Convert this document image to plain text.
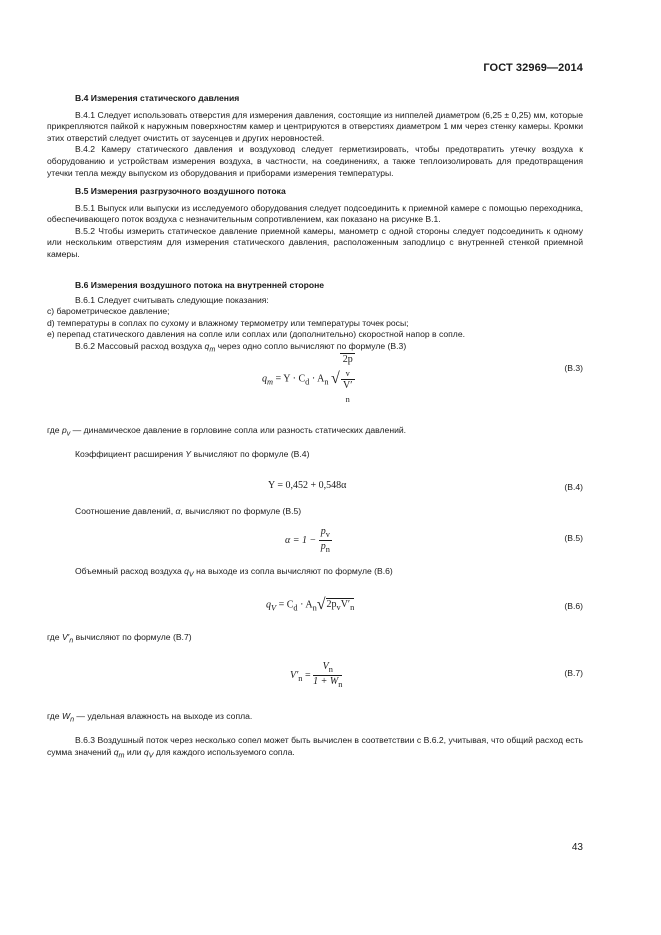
ГОСТ 32969—2014
В.4 Измерения статического давления
В.4.1 Следует использовать отверстия для измерения давления, состоящие из ниппелей диаметром (6,25 ± 0,25) мм, которые прикрепляются пайкой к наружным поверхностям камер и центрируются в отверстиях диаметром 1 мм через стенку камеры. Кромки этих отверстий следует очистить от заусенцев и других неровностей.
В.4.2 Камеру статического давления и воздуховод следует герметизировать, чтобы предотвратить утечку воздуха к оборудованию и устройствам измерения воздуха, в частности, на соединениях, а также теплоизолировать для предотвращения утечки тепла между выпуском из оборудования и приборами измерения температуры.
В.5 Измерения разгрузочного воздушного потока
В.5.1 Выпуск или выпуски из исследуемого оборудования следует подсоединить к приемной камере с помощью переходника, обеспечивающего поток воздуха с незначительным сопротивлением, как показано на рисунке В.1.
В.5.2 Чтобы измерить статическое давление приемной камеры, манометр с одной стороны следует подсоединить к одному или нескольким отверстиям для измерения статического давления, расположенным заподлицо с внутренней стенкой приемной камеры.
В.6 Измерения воздушного потока на внутренней стороне
В.6.1 Следует считывать следующие показания:
с) барометрическое давление;
d) температуры в соплах по сухому и влажному термометру или температуры точек росы;
е) перепад статического давления на сопле или соплах или (дополнительно) скоростной напор в сопле.
В.6.2 Массовый расход воздуха $q_m$ через одно сопло вычисляют по формуле (В.3)
$q_m = Y \cdot C_d \cdot A_n$ √ 2p
$_v$
V′
$_n$	(В.3)
где $p_v$ — динамическое давление в горловине сопла или разность статических давлений.
Коэффициент расширения Y вычисляют по формуле (В.4)
Y = 0,452 + 0,548α	(В.4)
Соотношение давлений, α, вычисляют по формуле (В.5)
$\alpha = 1 - \frac{p_v}{p_n}$	(В.5)
Объемный расход воздуха $q_V$ на выходе из сопла вычисляют по формуле (В.6)
$q_V = C_d \cdot A_n√2p_vV'_n$	(В.6)
где $V'_n$ вычисляют по формуле (В.7)
$V'_n = \frac{V_n}{1 + W_n}$	(В.7)
где $W_n$ — удельная влажность на выходе из сопла.
В.6.3 Воздушный поток через несколько сопел может быть вычислен в соответствии с В.6.2, учитывая, что общий расход есть сумма значений $q_m$ или $q_V$ для каждого используемого сопла.
43
